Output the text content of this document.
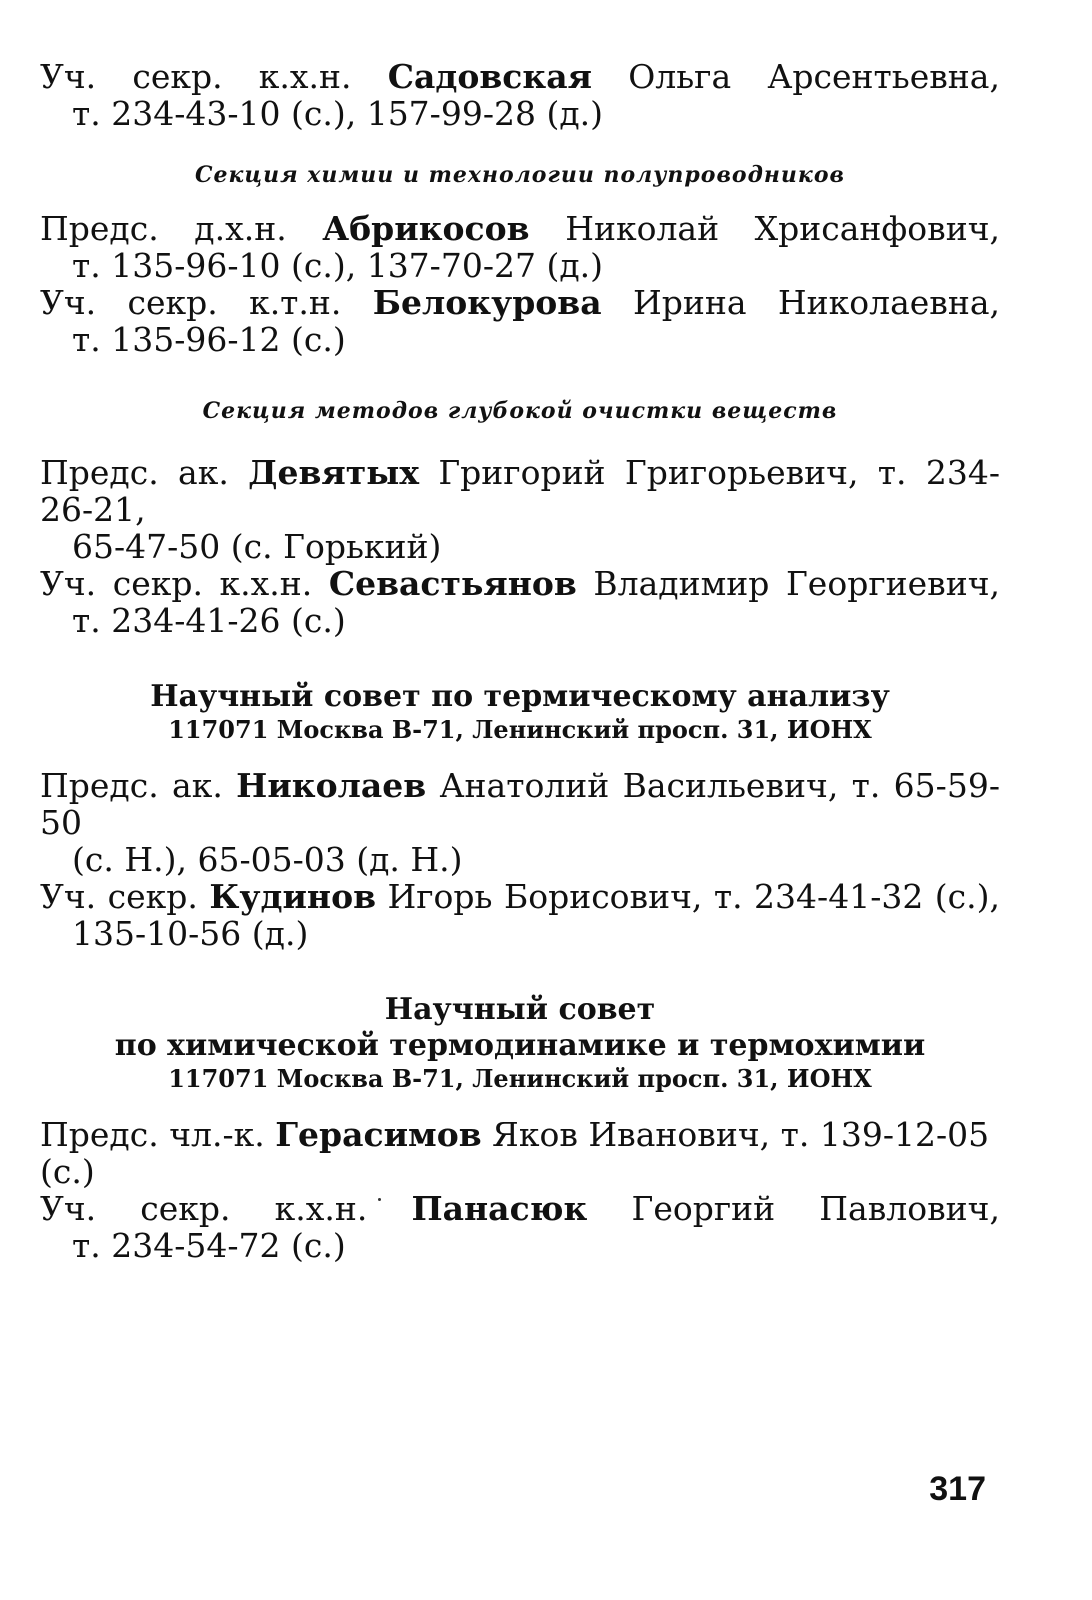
Уч. секр. к.х.н. Садовская Ольга Арсентьевна,
т. 234-43-10 (с.), 157-99-28 (д.)

Секция химии и технологии полупроводников

Предс. д.х.н. Абрикосов Николай Хрисанфович,
т. 135-96-10 (с.), 137-70-27 (д.)

Уч. секр. к.т.н. Белокурова Ирина Николаевна,
т. 135-96-12 (с.)

Секция методов глубокой очистки веществ

Предс. ак. Девятых Григорий Григорьевич, т. 234-26-21,
65-47-50 (с. Горький)

Уч. секр. к.х.н. Севастьянов Владимир Георгиевич,
т. 234-41-26 (с.)

Научный совет по термическому анализу

117071 Москва В-71, Ленинский просп. 31, ИОНХ

Предс. ак. Николаев Анатолий Васильевич, т. 65-59-50
(с. Н.), 65-05-03 (д. Н.)

Уч. секр. Кудинов Игорь Борисович, т. 234-41-32 (с.),
135-10-56 (д.)

Научный совет

по химической термодинамике и термохимии

117071 Москва В-71, Ленинский просп. 31, ИОНХ

Предс. чл.-к. Герасимов Яков Иванович, т. 139-12-05 (с.)

Уч. секр. к.х.н. Панасюк Георгий Павлович,
т. 234-54-72 (с.)

317
